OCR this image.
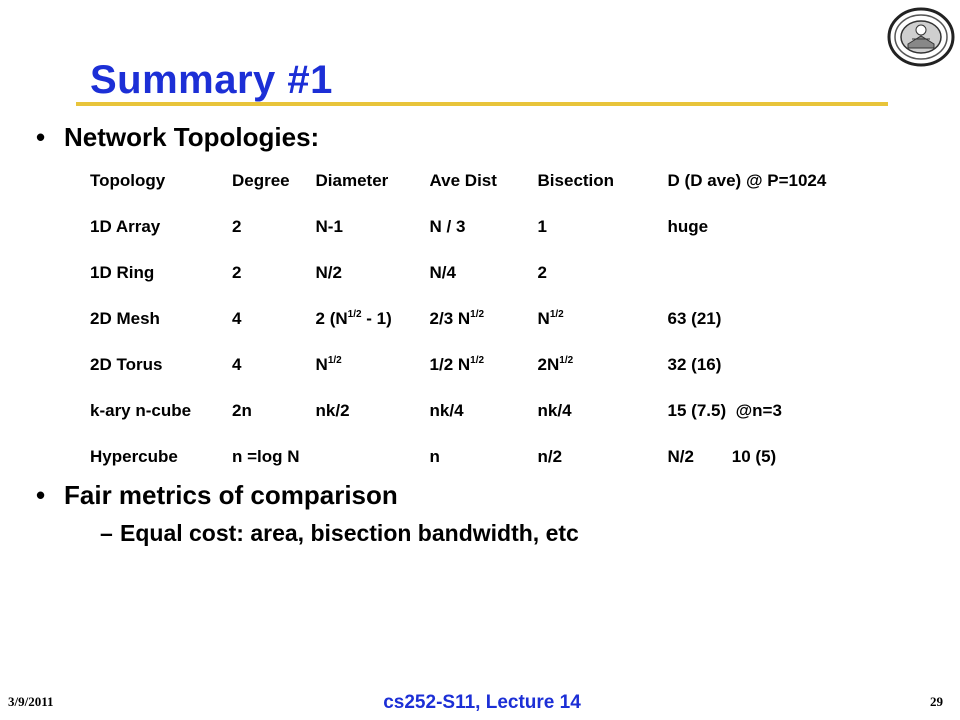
Summary #1
• Network Topologies:
Topology	Degree	Diameter	Ave Dist	Bisection	D (D ave) @ P=1024
1D Array	2	N-1	N / 3	1	huge
1D Ring	2	N/2	N/4	2	
2D Mesh	4	2 $(N^{1/2} - 1)$	2/3 $N^{1/2}$	$N^{1/2}$	63 (21)
2D Torus	4	$N^{1/2}$	1/2 $N^{1/2}$	$2N^{1/2}$	32 (16)
k-ary n-cube	2n	nk/2	nk/4	nk/4	15 (7.5)  @n=3
Hypercube	n =log N		n	n/2	N/2        10 (5)
• Fair metrics of comparison
– Equal cost: area, bisection bandwidth, etc
3/9/2011	cs252-S11, Lecture 14	29
